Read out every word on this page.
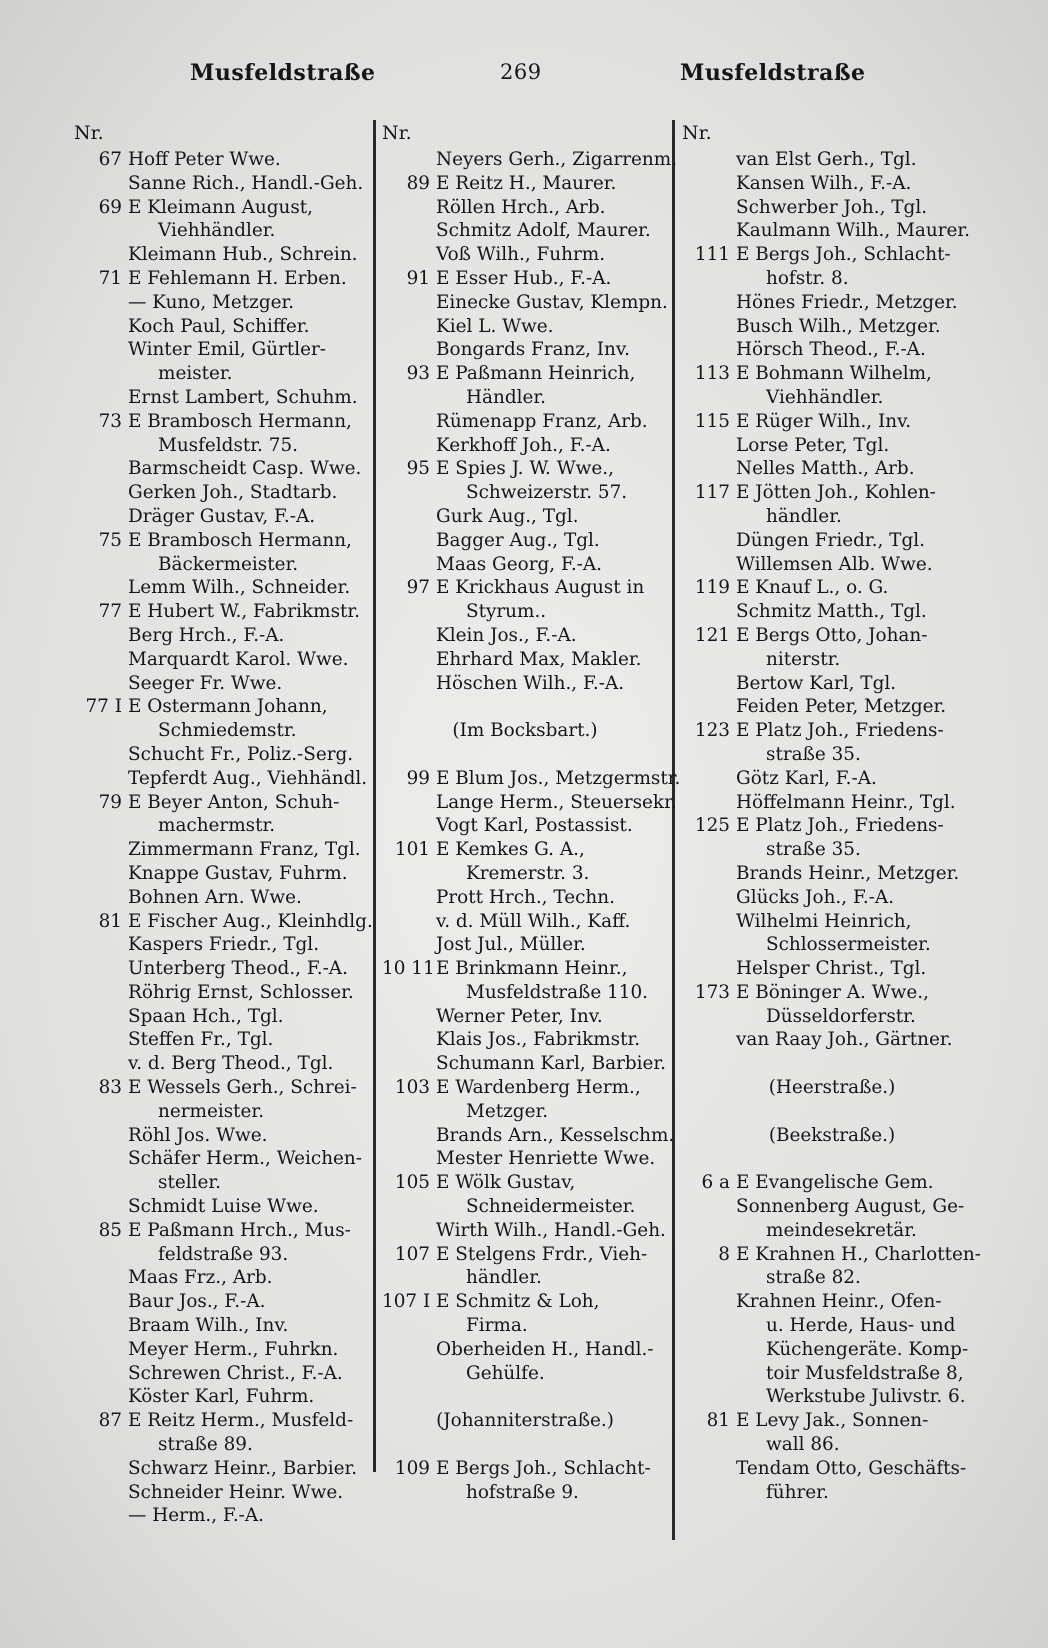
Musfeldstraße	269	Musfeldstraße
Nr.
67 Hoff Peter Wwe.
Sanne Rich., Handl.-Geh.
69 E Kleimann August,
Viehhändler.
Kleimann Hub., Schrein.
71 E Fehlemann H. Erben.
— Kuno, Metzger.
Koch Paul, Schiffer.
Winter Emil, Gürtler-
meister.
Ernst Lambert, Schuhm.
73 E Brambosch Hermann,
Musfeldstr. 75.
Barmscheidt Casp. Wwe.
Gerken Joh., Stadtarb.
Dräger Gustav, F.-A.
75 E Brambosch Hermann,
Bäckermeister.
Lemm Wilh., Schneider.
77 E Hubert W., Fabrikmstr.
Berg Hrch., F.-A.
Marquardt Karol. Wwe.
Seeger Fr. Wwe.
77 I E Ostermann Johann,
Schmiedemstr.
Schucht Fr., Poliz.-Serg.
Tepferdt Aug., Viehhändl.
79 E Beyer Anton, Schuh-
machermstr.
Zimmermann Franz, Tgl.
Knappe Gustav, Fuhrm.
Bohnen Arn. Wwe.
81 E Fischer Aug., Kleinhdlg.
Kaspers Friedr., Tgl.
Unterberg Theod., F.-A.
Röhrig Ernst, Schlosser.
Spaan Hch., Tgl.
Steffen Fr., Tgl.
v. d. Berg Theod., Tgl.
83 E Wessels Gerh., Schrei-
nermeister.
Röhl Jos. Wwe.
Schäfer Herm., Weichen-
steller.
Schmidt Luise Wwe.
85 E Paßmann Hrch., Mus-
feldstraße 93.
Maas Frz., Arb.
Baur Jos., F.-A.
Braam Wilh., Inv.
Meyer Herm., Fuhrkn.
Schrewen Christ., F.-A.
Köster Karl, Fuhrm.
87 E Reitz Herm., Musfeld-
straße 89.
Schwarz Heinr., Barbier.
Schneider Heinr. Wwe.
— Herm., F.-A.
Nr.
Neyers Gerh., Zigarrenm.
89 E Reitz H., Maurer.
Röllen Hrch., Arb.
Schmitz Adolf, Maurer.
Voß Wilh., Fuhrm.
91 E Esser Hub., F.-A.
Einecke Gustav, Klempn.
Kiel L. Wwe.
Bongards Franz, Inv.
93 E Paßmann Heinrich,
Händler.
Rümenapp Franz, Arb.
Kerkhoff Joh., F.-A.
95 E Spies J. W. Wwe.,
Schweizerstr. 57.
Gurk Aug., Tgl.
Bagger Aug., Tgl.
Maas Georg, F.-A.
97 E Krickhaus August in
Styrum..
Klein Jos., F.-A.
Ehrhard Max, Makler.
Höschen Wilh., F.-A.
(Im Bocksbart.)
99 E Blum Jos., Metzgermstr.
Lange Herm., Steuersekr.
Vogt Karl, Postassist.
101 E Kemkes G. A.,
Kremerstr. 3.
Prott Hrch., Techn.
v. d. Müll Wilh., Kaff.
Jost Jul., Müller.
10 11 E Brinkmann Heinr.,
Musfeldstraße 110.
Werner Peter, Inv.
Klais Jos., Fabrikmstr.
Schumann Karl, Barbier.
103 E Wardenberg Herm.,
Metzger.
Brands Arn., Kesselschm.
Mester Henriette Wwe.
105 E Wölk Gustav,
Schneidermeister.
Wirth Wilh., Handl.-Geh.
107 E Stelgens Frdr., Vieh-
händler.
107 I E Schmitz & Loh,
Firma.
Oberheiden H., Handl.-
Gehülfe.
(Johanniterstraße.)
109 E Bergs Joh., Schlacht-
hofstraße 9.
Nr.
van Elst Gerh., Tgl.
Kansen Wilh., F.-A.
Schwerber Joh., Tgl.
Kaulmann Wilh., Maurer.
111 E Bergs Joh., Schlacht-
hofstr. 8.
Hönes Friedr., Metzger.
Busch Wilh., Metzger.
Hörsch Theod., F.-A.
113 E Bohmann Wilhelm,
Viehhändler.
115 E Rüger Wilh., Inv.
Lorse Peter, Tgl.
Nelles Matth., Arb.
117 E Jötten Joh., Kohlen-
händler.
Düngen Friedr., Tgl.
Willemsen Alb. Wwe.
119 E Knauf L., o. G.
Schmitz Matth., Tgl.
121 E Bergs Otto, Johan-
niterstr.
Bertow Karl, Tgl.
Feiden Peter, Metzger.
123 E Platz Joh., Friedens-
straße 35.
Götz Karl, F.-A.
Höffelmann Heinr., Tgl.
125 E Platz Joh., Friedens-
straße 35.
Brands Heinr., Metzger.
Glücks Joh., F.-A.
Wilhelmi Heinrich,
Schlossermeister.
Helsper Christ., Tgl.
173 E Böninger A. Wwe.,
Düsseldorferstr.
van Raay Joh., Gärtner.
(Heerstraße.)
(Beekstraße.)
6 a E Evangelische Gem.
Sonnenberg August, Ge-
meindesekretär.
8 E Krahnen H., Charlotten-
straße 82.
Krahnen Heinr., Ofen-
u. Herde, Haus- und
Küchengeräte. Komp-
toir Musfeldstraße 8,
Werkstube Julivstr. 6.
81 E Levy Jak., Sonnen-
wall 86.
Tendam Otto, Geschäfts-
führer.
